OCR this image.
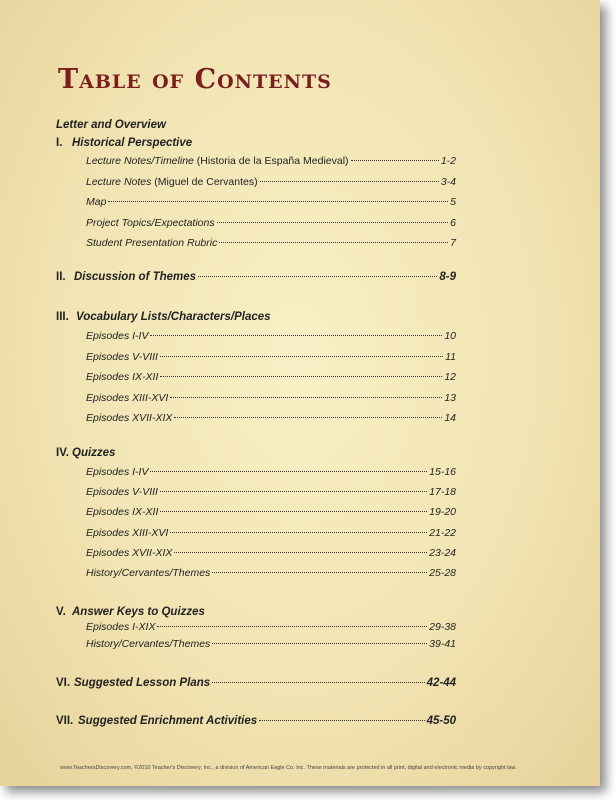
Table of Contents
Letter and Overview
I. Historical Perspective
Lecture Notes/Timeline (Historia de la España Medieval)	1-2
Lecture Notes (Miguel de Cervantes)	3-4
Map	5
Project Topics/Expectations	6
Student Presentation Rubric	7
II. Discussion of Themes	8-9
III. Vocabulary Lists/Characters/Places
Episodes I-IV	10
Episodes V-VIII	11
Episodes IX-XII	12
Episodes XIII-XVI	13
Episodes XVII-XIX	14
IV. Quizzes
Episodes I-IV	15-16
Episodes V-VIII	17-18
Episodes IX-XII	19-20
Episodes XIII-XVI	21-22
Episodes XVII-XIX	23-24
History/Cervantes/Themes	25-28
V. Answer Keys to Quizzes
Episodes I-XIX	29-38
History/Cervantes/Themes	39-41
VI. Suggested Lesson Plans	42-44
VII. Suggested Enrichment Activities	45-50
www.TeachersDiscovery.com, ©2010 Teacher's Discovery, Inc., a division of American Eagle Co. Inc. These materials are protected in all print, digital and electronic media by copyright law.
